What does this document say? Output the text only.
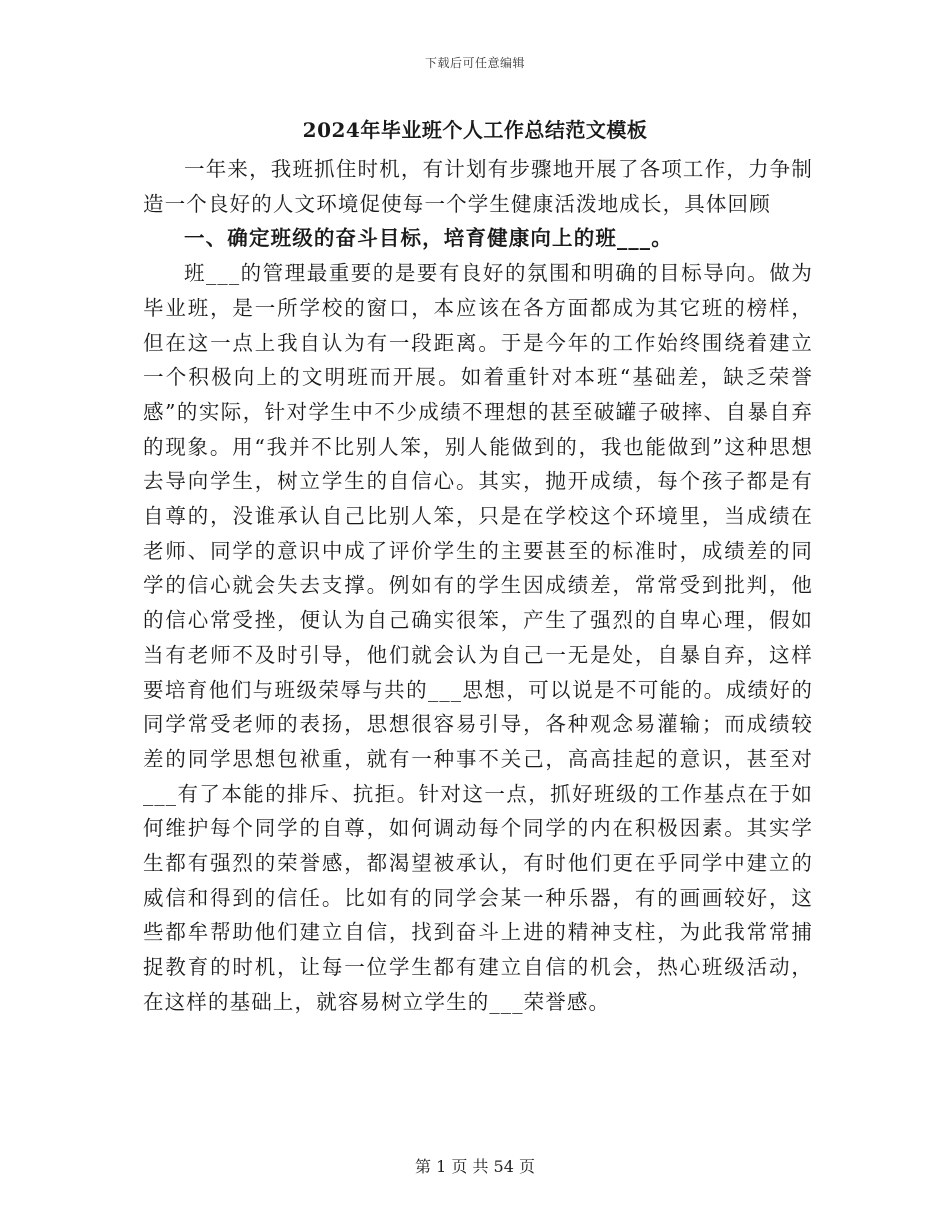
下载后可任意编辑
2024年毕业班个人工作总结范文模板

一年来，我班抓住时机，有计划有步骤地开展了各项工作，力争制造一个良好的人文环境促使每一个学生健康活泼地成长，具体回顾

一、确定班级的奋斗目标，培育健康向上的班___。

班___的管理最重要的是要有良好的氛围和明确的目标导向。做为毕业班，是一所学校的窗口，本应该在各方面都成为其它班的榜样，但在这一点上我自认为有一段距离。于是今年的工作始终围绕着建立一个积极向上的文明班而开展。如着重针对本班“基础差，缺乏荣誉感”的实际，针对学生中不少成绩不理想的甚至破罐子破摔、自暴自弃的现象。用“我并不比别人笨，别人能做到的，我也能做到”这种思想去导向学生，树立学生的自信心。其实，抛开成绩，每个孩子都是有自尊的，没谁承认自己比别人笨，只是在学校这个环境里，当成绩在老师、同学的意识中成了评价学生的主要甚至的标准时，成绩差的同学的信心就会失去支撑。例如有的学生因成绩差，常常受到批判，他的信心常受挫，便认为自己确实很笨，产生了强烈的自卑心理，假如当有老师不及时引导，他们就会认为自己一无是处，自暴自弃，这样要培育他们与班级荣辱与共的___思想，可以说是不可能的。成绩好的同学常受老师的表扬，思想很容易引导，各种观念易灌输；而成绩较差的同学思想包袱重，就有一种事不关己，高高挂起的意识，甚至对___有了本能的排斥、抗拒。针对这一点，抓好班级的工作基点在于如何维护每个同学的自尊，如何调动每个同学的内在积极因素。其实学生都有强烈的荣誉感，都渴望被承认，有时他们更在乎同学中建立的威信和得到的信任。比如有的同学会某一种乐器，有的画画较好，这些都牟帮助他们建立自信，找到奋斗上进的精神支柱，为此我常常捕捉教育的时机，让每一位学生都有建立自信的机会，热心班级活动，在这样的基础上，就容易树立学生的___荣誉感。

第 1 页 共 54 页
